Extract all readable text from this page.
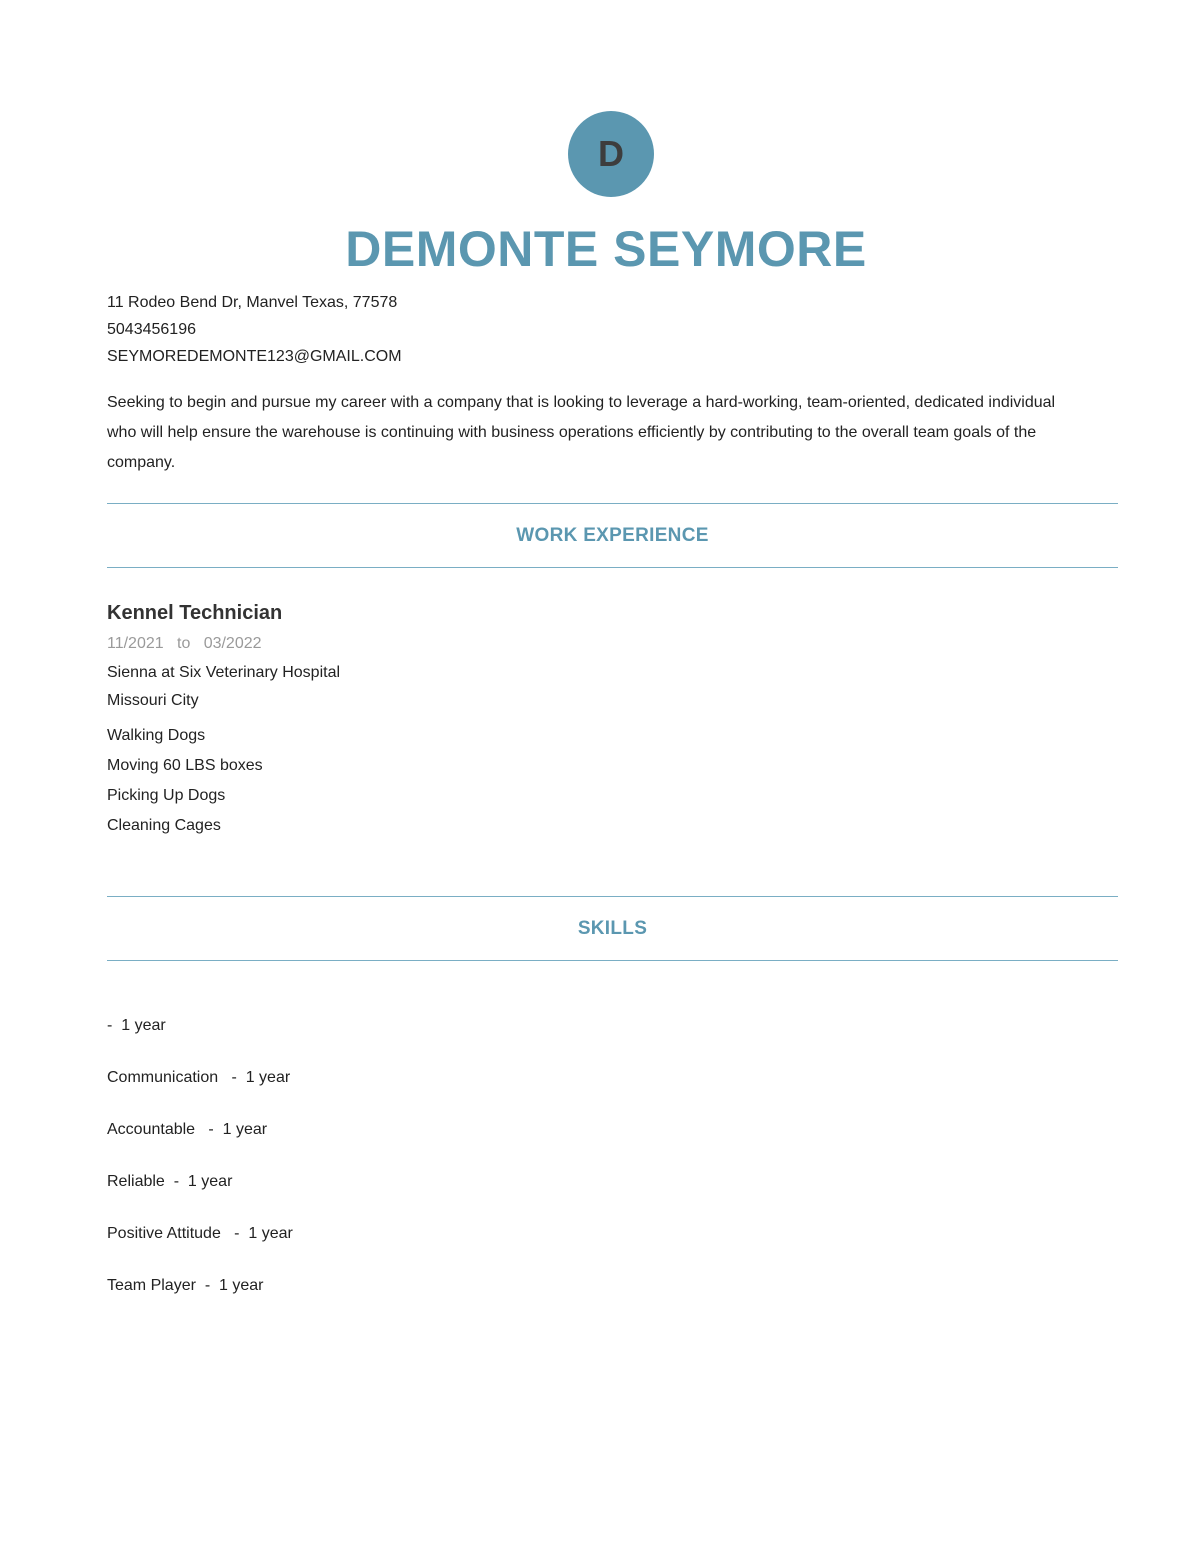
D
DEMONTE SEYMORE
11 Rodeo Bend Dr, Manvel Texas, 77578
5043456196
SEYMOREDEMONTE123@GMAIL.COM
Seeking to begin and pursue my career with a company that is looking to leverage a hard-working, team-oriented, dedicated individual who will help ensure the warehouse is continuing with business operations efficiently by contributing to the overall team goals of the company.
WORK EXPERIENCE
Kennel Technician
11/2021 to 03/2022
Sienna at Six Veterinary Hospital
Missouri City
Walking Dogs
Moving 60 LBS boxes
Picking Up Dogs
Cleaning Cages
SKILLS
-  1 year
Communication   -  1 year
Accountable   -  1 year
Reliable  -  1 year
Positive Attitude   -  1 year
Team Player  -  1 year
